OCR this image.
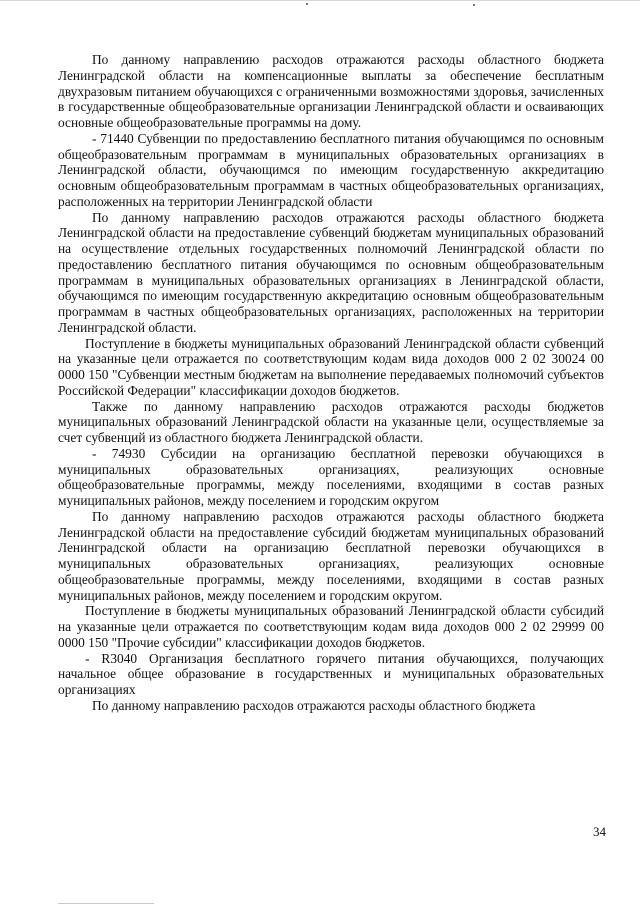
По данному направлению расходов отражаются расходы областного бюджета Ленинградской области на компенсационные выплаты за обеспечение бесплатным двухразовым питанием обучающихся с ограниченными возможностями здоровья, зачисленных в государственные общеобразовательные организации Ленинградской области и осваивающих основные общеобразовательные программы на дому.

- 71440 Субвенции по предоставлению бесплатного питания обучающимся по основным общеобразовательным программам в муниципальных образовательных организациях в Ленинградской области, обучающимся по имеющим государственную аккредитацию основным общеобразовательным программам в частных общеобразовательных организациях, расположенных на территории Ленинградской области

По данному направлению расходов отражаются расходы областного бюджета Ленинградской области на предоставление субвенций бюджетам муниципальных образований на осуществление отдельных государственных полномочий Ленинградской области по предоставлению бесплатного питания обучающимся по основным общеобразовательным программам в муниципальных образовательных организациях в Ленинградской области, обучающимся по имеющим государственную аккредитацию основным общеобразовательным программам в частных общеобразовательных организациях, расположенных на территории Ленинградской области.

Поступление в бюджеты муниципальных образований Ленинградской области субвенций на указанные цели отражается по соответствующим кодам вида доходов 000 2 02 30024 00 0000 150 "Субвенции местным бюджетам на выполнение передаваемых полномочий субъектов Российской Федерации" классификации доходов бюджетов.

Также по данному направлению расходов отражаются расходы бюджетов муниципальных образований Ленинградской области на указанные цели, осуществляемые за счет субвенций из областного бюджета Ленинградской области.

- 74930 Субсидии на организацию бесплатной перевозки обучающихся в муниципальных образовательных организациях, реализующих основные общеобразовательные программы, между поселениями, входящими в состав разных муниципальных районов, между поселением и городским округом

По данному направлению расходов отражаются расходы областного бюджета Ленинградской области на предоставление субсидий бюджетам муниципальных образований Ленинградской области на организацию бесплатной перевозки обучающихся в муниципальных образовательных организациях, реализующих основные общеобразовательные программы, между поселениями, входящими в состав разных муниципальных районов, между поселением и городским округом.

Поступление в бюджеты муниципальных образований Ленинградской области субсидий на указанные цели отражается по соответствующим кодам вида доходов 000 2 02 29999 00 0000 150 "Прочие субсидии" классификации доходов бюджетов.

- R3040 Организация бесплатного горячего питания обучающихся, получающих начальное общее образование в государственных и муниципальных образовательных организациях

По данному направлению расходов отражаются расходы областного бюджета

34
